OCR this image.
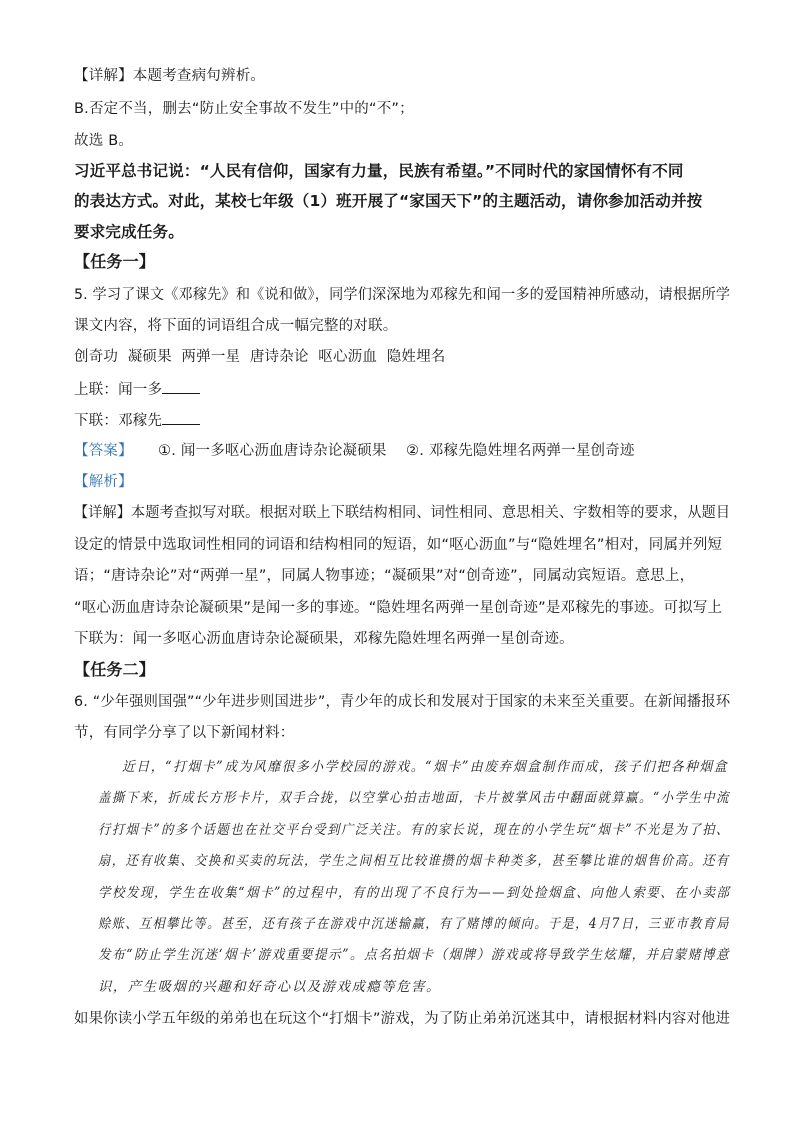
【详解】本题考查病句辨析。
B.否定不当，删去“防止安全事故不发生”中的“不”；
故选 B。
习近平总书记说：“人民有信仰，国家有力量，民族有希望。”不同时代的家国情怀有不同
的表达方式。对此，某校七年级（1）班开展了“家国天下”的主题活动，请你参加活动并按
要求完成任务。
【任务一】
5. 学习了课文《邓稼先》和《说和做》，同学们深深地为邓稼先和闻一多的爱国精神所感动，请根据所学
课文内容，将下面的词语组合成一幅完整的对联。
创奇功  凝硕果  两弹一星  唐诗杂论  呕心沥血  隐姓埋名
上联：闻一多
下联：邓稼先
【答案】 ①. 闻一多呕心沥血唐诗杂论凝硕果 ②. 邓稼先隐姓埋名两弹一星创奇迹
【解析】
【详解】本题考查拟写对联。根据对联上下联结构相同、词性相同、意思相关、字数相等的要求，从题目
设定的情景中选取词性相同的词语和结构相同的短语，如“呕心沥血”与“隐姓埋名”相对，同属并列短
语；“唐诗杂论”对“两弹一星”，同属人物事迹；“凝硕果”对“创奇迹”，同属动宾短语。意思上，
“呕心沥血唐诗杂论凝硕果”是闻一多的事迹。“隐姓埋名两弹一星创奇迹”是邓稼先的事迹。可拟写上
下联为：闻一多呕心沥血唐诗杂论凝硕果，邓稼先隐姓埋名两弹一星创奇迹。
【任务二】
6. “少年强则国强”“少年进步则国进步”，青少年的成长和发展对于国家的未来至关重要。在新闻播报环
节，有同学分享了以下新闻材料：
近日，“打烟卡”成为风靡很多小学校园的游戏。“烟卡”由废弃烟盒制作而成，孩子们把各种烟盒
盖撕下来，折成长方形卡片，双手合拢，以空掌心拍击地面，卡片被掌风击中翻面就算赢。“小学生中流
行打烟卡”的多个话题也在社交平台受到广泛关注。有的家长说，现在的小学生玩“烟卡”不光是为了拍、
扇，还有收集、交换和买卖的玩法，学生之间相互比较谁攒的烟卡种类多，甚至攀比谁的烟售价高。还有
学校发现，学生在收集“烟卡”的过程中，有的出现了不良行为——到处捡烟盒、向他人索要、在小卖部
赊账、互相攀比等。甚至，还有孩子在游戏中沉迷输赢，有了赌博的倾向。于是，4月7日，三亚市教育局
发布“防止学生沉迷‘烟卡’游戏重要提示”。点名拍烟卡（烟牌）游戏或将导致学生炫耀，并启蒙赌博意
识，产生吸烟的兴趣和好奇心以及游戏成瘾等危害。
如果你读小学五年级的弟弟也在玩这个“打烟卡”游戏，为了防止弟弟沉迷其中，请根据材料内容对他进
